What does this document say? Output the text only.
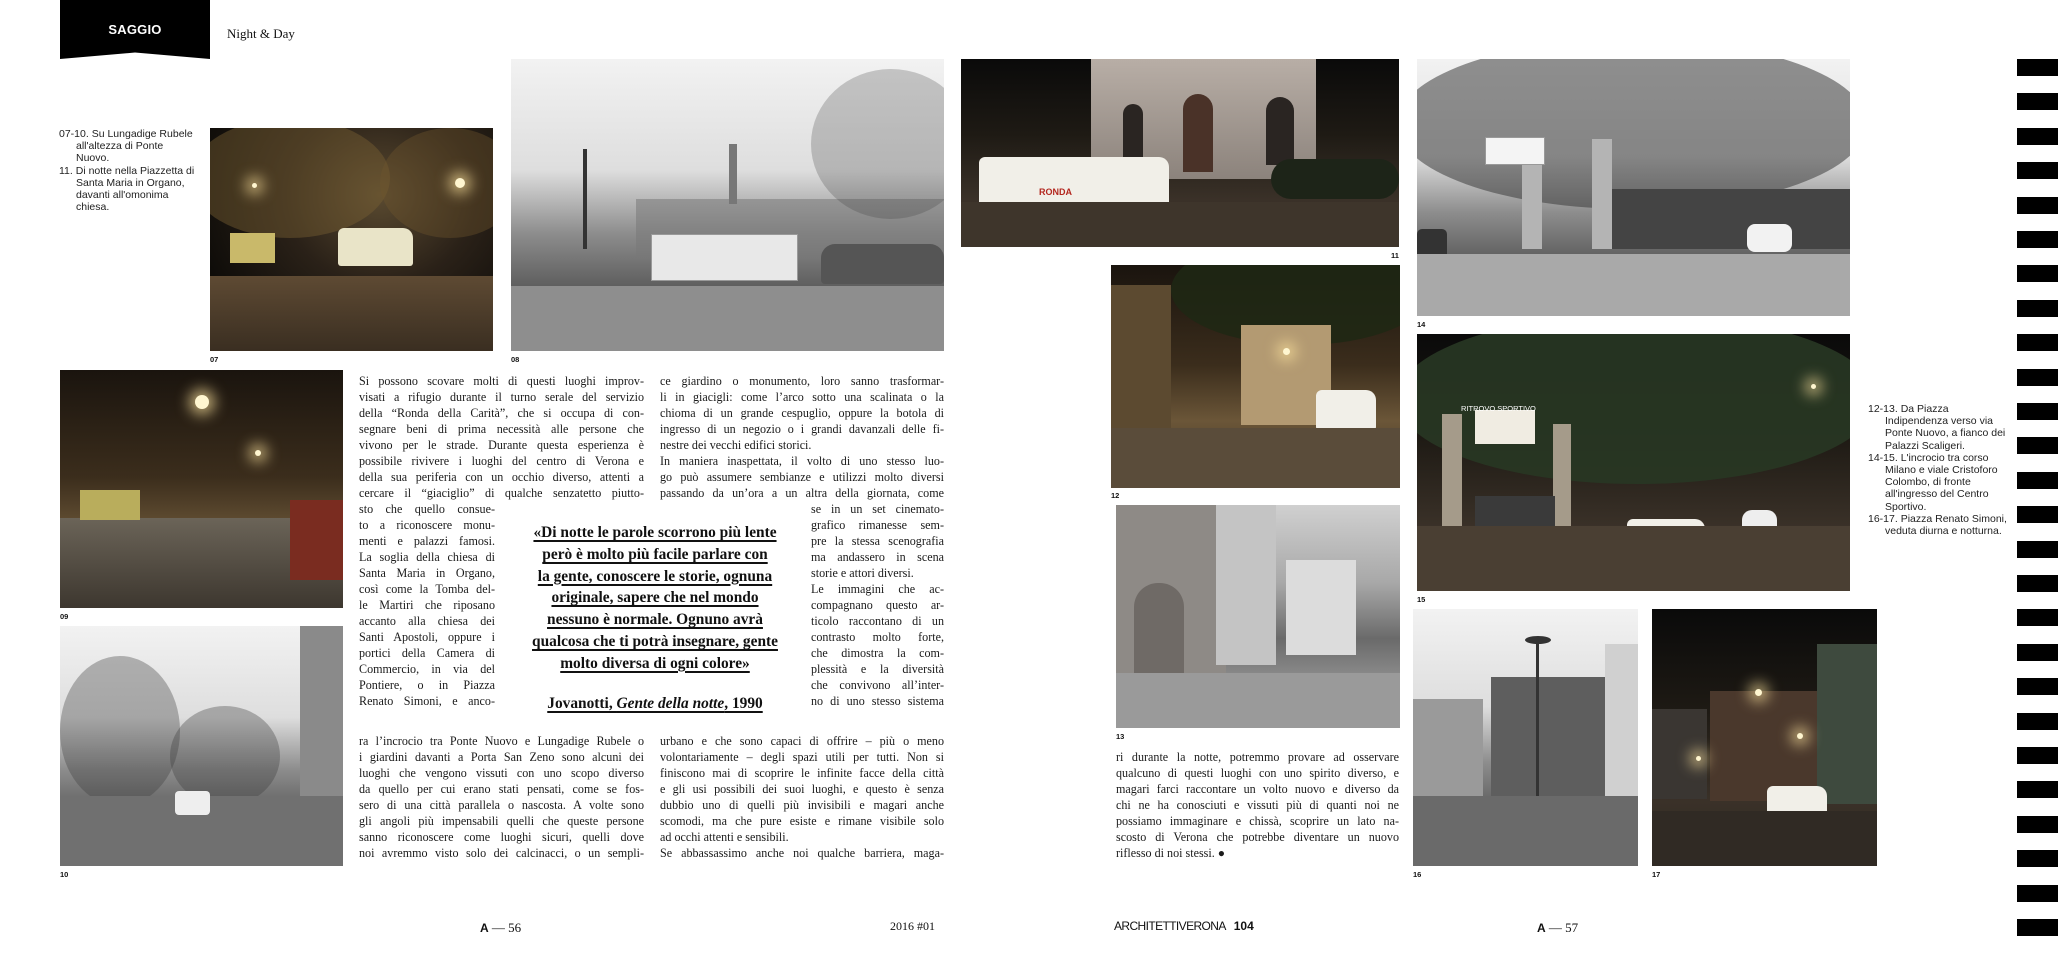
SAGGIO	Night & Day
07-10. Su Lungadige Rubele all'altezza di Ponte Nuovo.
11. Di notte nella Piazzetta di Santa Maria in Organo, davanti all'omonima chiesa.
07	08
09
10
Si possono scovare molti di questi luoghi improv-
visati a rifugio durante il turno serale del servizio
della “Ronda della Carità”, che si occupa di con-
segnare beni di prima necessità alle persone che
vivono per le strade. Durante questa esperienza è
possibile rivivere i luoghi del centro di Verona e
della sua periferia con un occhio diverso, attenti a
cercare il “giaciglio” di qualche senzatetto piutto-
sto che quello consue-
to a riconoscere monu-
menti e palazzi famosi.
La soglia della chiesa di
Santa Maria in Organo,
così come la Tomba del-
le Martiri che riposano
accanto alla chiesa dei
Santi Apostoli, oppure i
portici della Camera di
Commercio, in via del
Pontiere, o in Piazza
Renato Simoni, e anco-
ra l’incrocio tra Ponte Nuovo e Lungadige Rubele o
i giardini davanti a Porta San Zeno sono alcuni dei
luoghi che vengono vissuti con uno scopo diverso
da quello per cui erano stati pensati, come se fos-
sero di una città parallela o nascosta. A volte sono
gli angoli più impensabili quelli che queste persone
sanno riconoscere come luoghi sicuri, quelli dove
noi avremmo visto solo dei calcinacci, o un sempli-
ce giardino o monumento, loro sanno trasformar-
li in giacigli: come l’arco sotto una scalinata o la
chioma di un grande cespuglio, oppure la botola di
ingresso di un negozio o i grandi davanzali delle fi-
nestre dei vecchi edifici storici.
In maniera inaspettata, il volto di uno stesso luo-
go può assumere sembianze e utilizzi molto diversi
passando da un’ora a un altra della giornata, come
se in un set cinemato-
grafico rimanesse sem-
pre la stessa scenografia
ma andassero in scena
storie e attori diversi.
Le immagini che ac-
compagnano questo ar-
ticolo raccontano di un
contrasto molto forte,
che dimostra la com-
plessità e la diversità
che convivono all’inter-
no di uno stesso sistema
urbano e che sono capaci di offrire – più o meno
volontariamente – degli spazi utili per tutti. Non si
finiscono mai di scoprire le infinite facce della città
e gli usi possibili dei suoi luoghi, e questo è senza
dubbio uno di quelli più invisibili e magari anche
scomodi, ma che pure esiste e rimane visibile solo
ad occhi attenti e sensibili.
Se abbassassimo anche noi qualche barriera, maga-
«Di notte le parole scorrono più lente
però è molto più facile parlare con
la gente, conoscere le storie, ognuna
originale, sapere che nel mondo
nessuno è normale. Ognuno avrà
qualcosa che ti potrà insegnare, gente
molto diversa di ogni colore»
Jovanotti, Gente della notte, 1990
RONDA
11
12
13
14
RITROVO SPORTIVO
15
12-13. Da Piazza Indipendenza verso via Ponte Nuovo, a fianco dei Palazzi Scaligeri.
14-15. L'incrocio tra corso Milano e viale Cristoforo Colombo, di fronte all'ingresso del Centro Sportivo.
16-17. Piazza Renato Simoni, veduta diurna e notturna.
16	17
ri durante la notte, potremmo provare ad osservare
qualcuno di questi luoghi con uno spirito diverso, e
magari farci raccontare un volto nuovo e diverso da
chi ne ha conosciuti e vissuti più di quanti noi ne
possiamo immaginare e chissà, scoprire un lato na-
scosto di Verona che potrebbe diventare un nuovo
riflesso di noi stessi. ●
A — 56	2016 #01	ARCHITETTIVERONA 104	A — 57
